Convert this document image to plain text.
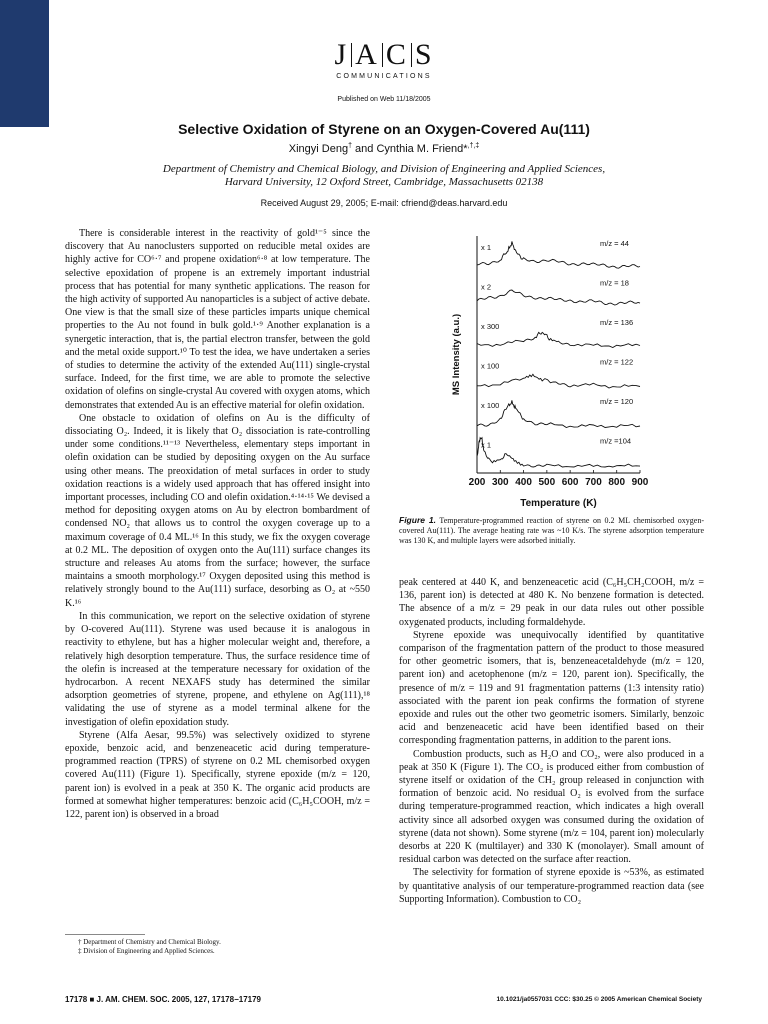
J A C S
COMMUNICATIONS
Published on Web 11/18/2005
Selective Oxidation of Styrene on an Oxygen-Covered Au(111)
Xingyi Deng† and Cynthia M. Friend*,†,‡
Department of Chemistry and Chemical Biology, and Division of Engineering and Applied Sciences,
Harvard University, 12 Oxford Street, Cambridge, Massachusetts 02138
Received August 29, 2005; E-mail: cfriend@deas.harvard.edu

There is considerable interest in the reactivity of gold¹⁻⁵ since the discovery that Au nanoclusters supported on reducible metal oxides are highly active for CO⁶·⁷ and propene oxidation⁶·⁸ at low temperature. The selective epoxidation of propene is an extremely important industrial process that has potential for many synthetic applications. The reason for the high activity of supported Au nanoparticles is a subject of active debate. One view is that the small size of these particles imparts unique chemical properties to the Au not found in bulk gold.¹·⁹ Another explanation is a synergetic interaction, that is, the partial electron transfer, between the gold and the metal oxide support.¹⁰ To test the idea, we have undertaken a series of studies to determine the activity of the extended Au(111) single-crystal surface. Indeed, for the first time, we are able to promote the selective oxidation of olefins on single-crystal Au covered with oxygen atoms, which demonstrates that extended Au is an effective material for olefin oxidation.

One obstacle to oxidation of olefins on Au is the difficulty of dissociating O₂. Indeed, it is likely that O₂ dissociation is rate-controlling under some conditions.¹¹⁻¹³ Nevertheless, elementary steps important in olefin oxidation can be studied by depositing oxygen on the Au surface using other means. The preoxidation of metal surfaces in order to study oxidation reactions is a widely used approach that has offered insight into important processes, including CO and olefin oxidation.⁴·¹⁴·¹⁵ We devised a method for depositing oxygen atoms on Au by electron bombardment of condensed NO₂ that allows us to control the oxygen coverage up to a maximum coverage of 0.4 ML.¹⁶ In this study, we fix the oxygen coverage at 0.2 ML. The deposition of oxygen onto the Au(111) surface changes its structure and releases Au atoms from the surface; however, the surface maintains a smooth morphology.¹⁷ Oxygen deposited using this method is relatively strongly bound to the Au(111) surface, desorbing as O₂ at ~550 K.¹⁶

In this communication, we report on the selective oxidation of styrene by O-covered Au(111). Styrene was used because it is analogous in reactivity to ethylene, but has a higher molecular weight and, therefore, a relatively high desorption temperature. Thus, the surface residence time of the olefin is increased at the temperature necessary for oxidation of the hydrocarbon. A recent NEXAFS study has determined the similar adsorption geometries of styrene, propene, and ethylene on Ag(111),¹⁸ validating the use of styrene as a model terminal alkene for the investigation of olefin epoxidation study.

Styrene (Alfa Aesar, 99.5%) was selectively oxidized to styrene epoxide, benzoic acid, and benzeneacetic acid during temperature-programmed reaction (TPRS) of styrene on 0.2 ML chemisorbed oxygen covered Au(111) (Figure 1). Specifically, styrene epoxide (m/z = 120, parent ion) is evolved in a peak at 350 K. The organic acid products are formed at somewhat higher temperatures: benzoic acid (C₆H₅COOH, m/z = 122, parent ion) is observed in a broad

200 300 400 500 600 700 800 900
Temperature (K)
MS Intensity (a.u.)
x 1	m/z = 44
x 2	m/z = 18
x 300	m/z = 136
x 100	m/z = 122
x 100	m/z = 120
x 1	m/z =104
Figure 1. Temperature-programmed reaction of styrene on 0.2 ML chemisorbed oxygen-covered Au(111). The average heating rate was ~10 K/s. The styrene adsorption temperature was 130 K, and multiple layers were adsorbed initially.

peak centered at 440 K, and benzeneacetic acid (C₆H₅CH₂COOH, m/z = 136, parent ion) is detected at 480 K. No benzene formation is detected. The absence of a m/z = 29 peak in our data rules out other possible oxygenated products, including formaldehyde.

Styrene epoxide was unequivocally identified by quantitative comparison of the fragmentation pattern of the product to those measured for other geometric isomers, that is, benzeneacetaldehyde (m/z = 120, parent ion) and acetophenone (m/z = 120, parent ion). Specifically, the presence of m/z = 119 and 91 fragmentation patterns (1:3 intensity ratio) associated with the parent ion peak confirms the formation of styrene epoxide and rules out the other two geometric isomers. Similarly, benzoic acid and benzeneacetic acid have been identified based on their corresponding fragmentation patterns, in addition to the parent ions.

Combustion products, such as H₂O and CO₂, were also produced in a peak at 350 K (Figure 1). The CO₂ is produced either from combustion of styrene itself or oxidation of the CH₂ group released in conjunction with formation of benzoic acid. No residual O₂ is evolved from the surface during temperature-programmed reaction, which indicates a high overall activity since all adsorbed oxygen was consumed during the oxidation of styrene (data not shown). Some styrene (m/z = 104, parent ion) molecularly desorbs at 220 K (multilayer) and 330 K (monolayer). Small amount of residual carbon was detected on the surface after reaction.

The selectivity for formation of styrene epoxide is ~53%, as estimated by quantitative analysis of our temperature-programmed reaction data (see Supporting Information). Combustion to CO₂

† Department of Chemistry and Chemical Biology.
‡ Division of Engineering and Applied Sciences.
17178 ■ J. AM. CHEM. SOC. 2005, 127, 17178−17179	10.1021/ja0557031 CCC: $30.25 © 2005 American Chemical Society
